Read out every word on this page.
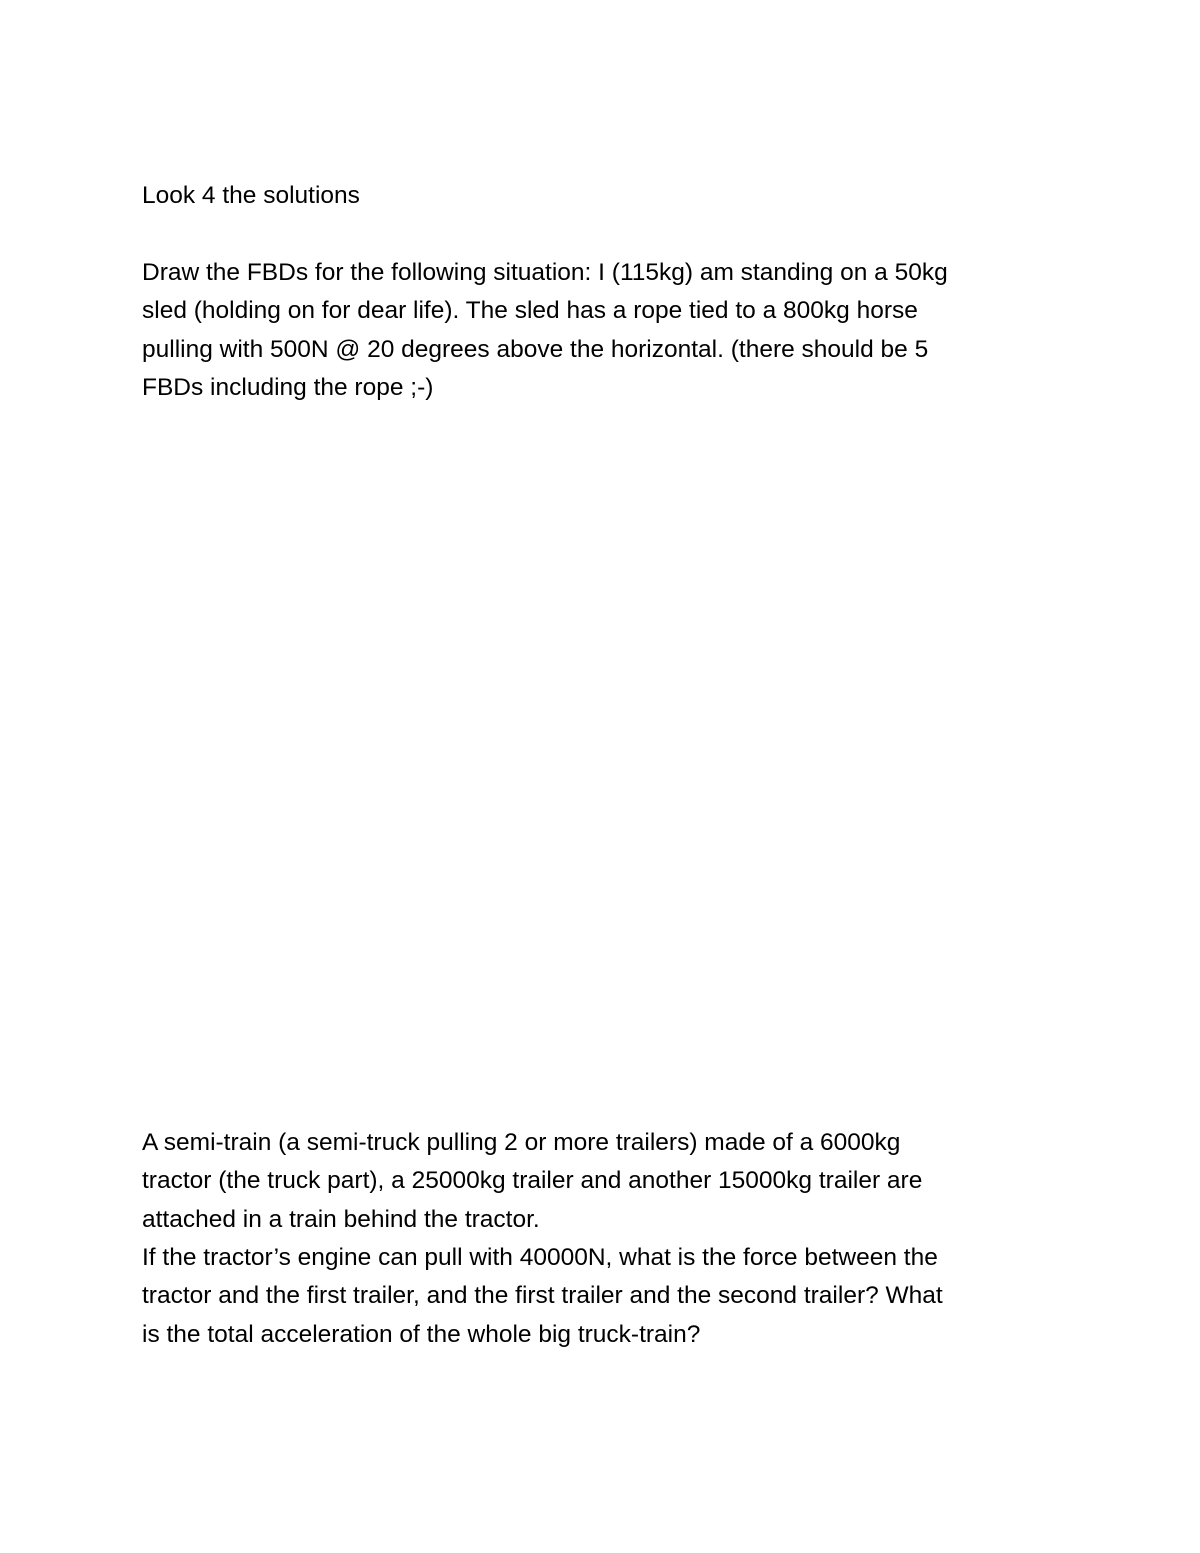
Look 4 the solutions

Draw the FBDs for the following situation: I (115kg) am standing on a 50kg
sled (holding on for dear life). The sled has a rope tied to a 800kg horse
pulling with 500N @ 20 degrees above the horizontal. (there should be 5
FBDs including the rope ;-)

A semi-train (a semi-truck pulling 2 or more trailers) made of a 6000kg
tractor (the truck part), a 25000kg trailer and another 15000kg trailer are
attached in a train behind the tractor.

If the tractor’s engine can pull with 40000N, what is the force between the
tractor and the first trailer, and the first trailer and the second trailer? What
is the total acceleration of the whole big truck-train?
